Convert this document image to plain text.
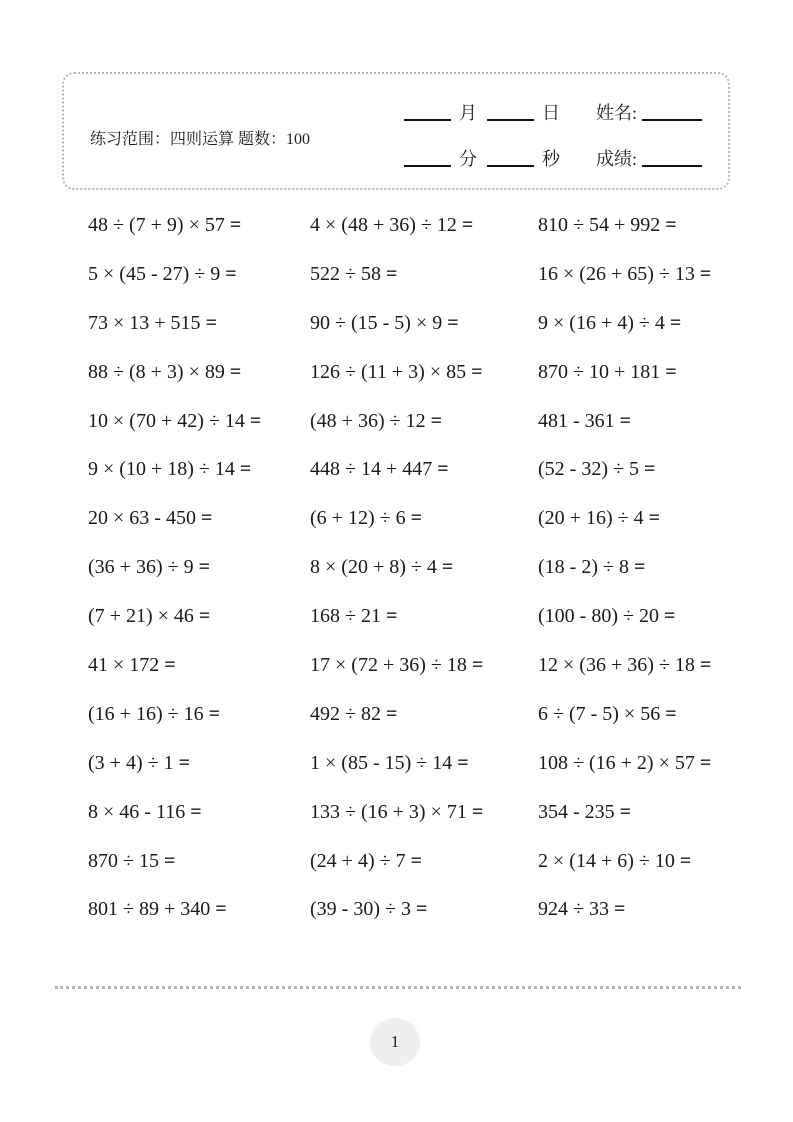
练习范围：四则运算 题数：100
月	日 姓名:
分	秒 成绩:
48 ÷ (7 + 9) × 57 =
5 × (45 - 27) ÷ 9 =
73 × 13 + 515 =
88 ÷ (8 + 3) × 89 =
10 × (70 + 42) ÷ 14 =
9 × (10 + 18) ÷ 14 =
20 × 63 - 450 =
(36 + 36) ÷ 9 =
(7 + 21) × 46 =
41 × 172 =
(16 + 16) ÷ 16 =
(3 + 4) ÷ 1 =
8 × 46 - 116 =
870 ÷ 15 =
801 ÷ 89 + 340 =
4 × (48 + 36) ÷ 12 =
522 ÷ 58 =
90 ÷ (15 - 5) × 9 =
126 ÷ (11 + 3) × 85 =
(48 + 36) ÷ 12 =
448 ÷ 14 + 447 =
(6 + 12) ÷ 6 =
8 × (20 + 8) ÷ 4 =
168 ÷ 21 =
17 × (72 + 36) ÷ 18 =
492 ÷ 82 =
1 × (85 - 15) ÷ 14 =
133 ÷ (16 + 3) × 71 =
(24 + 4) ÷ 7 =
(39 - 30) ÷ 3 =
810 ÷ 54 + 992 =
16 × (26 + 65) ÷ 13 =
9 × (16 + 4) ÷ 4 =
870 ÷ 10 + 181 =
481 - 361 =
(52 - 32) ÷ 5 =
(20 + 16) ÷ 4 =
(18 - 2) ÷ 8 =
(100 - 80) ÷ 20 =
12 × (36 + 36) ÷ 18 =
6 ÷ (7 - 5) × 56 =
108 ÷ (16 + 2) × 57 =
354 - 235 =
2 × (14 + 6) ÷ 10 =
924 ÷ 33 =
1
